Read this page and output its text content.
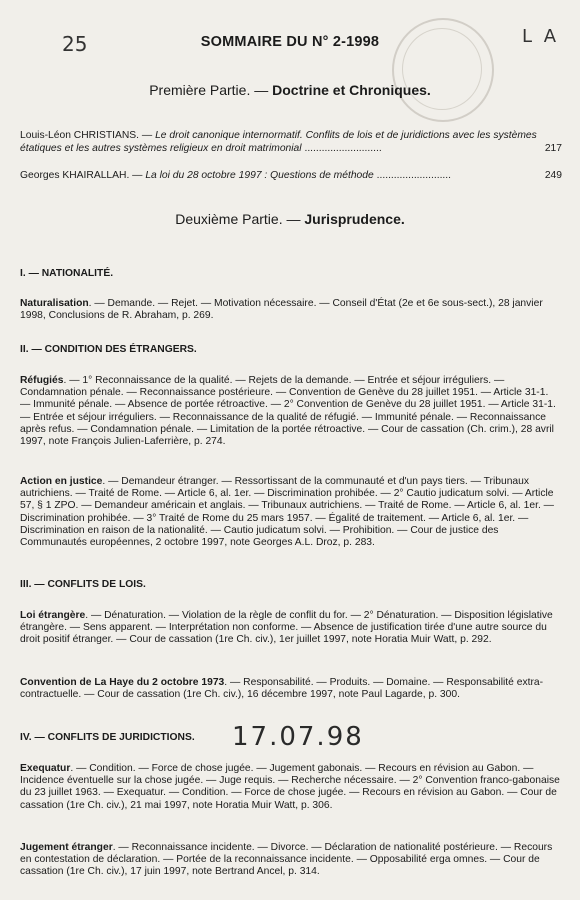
25	L A
SOMMAIRE DU N° 2-1998
Première Partie. — Doctrine et Chroniques.
Louis-Léon CHRISTIANS. — Le droit canonique internormatif. Conflits de lois et de juridictions avec les systèmes étatiques et les autres systèmes religieux en droit matrimonial ...........................	217
Georges KHAIRALLAH. — La loi du 28 octobre 1997 : Questions de méthode ..........................	249
Deuxième Partie. — Jurisprudence.
I. — NATIONALITÉ.
Naturalisation. — Demande. — Rejet. — Motivation nécessaire. — Conseil d'État (2e et 6e sous-sect.), 28 janvier 1998, Conclusions de R. Abraham, p. 269.
II. — CONDITION DES ÉTRANGERS.
Réfugiés. — 1° Reconnaissance de la qualité. — Rejets de la demande. — Entrée et séjour irréguliers. — Condamnation pénale. — Reconnaissance postérieure. — Convention de Genève du 28 juillet 1951. — Article 31-1. — Immunité pénale. — Absence de portée rétroactive. — 2° Convention de Genève du 28 juillet 1951. — Article 31-1. — Entrée et séjour irréguliers. — Reconnaissance de la qualité de réfugié. — Immunité pénale. — Reconnaissance après refus. — Condamnation pénale. — Limitation de la portée rétroactive. — Cour de cassation (Ch. crim.), 28 avril 1997, note François Julien-Laferrière, p. 274.
Action en justice. — Demandeur étranger. — Ressortissant de la communauté et d'un pays tiers. — Tribunaux autrichiens. — Traité de Rome. — Article 6, al. 1er. — Discrimination prohibée. — 2° Cautio judicatum solvi. — Article 57, § 1 ZPO. — Demandeur américain et anglais. — Tribunaux autrichiens. — Traité de Rome. — Article 6, al. 1er. — Discrimination prohibée. — 3° Traité de Rome du 25 mars 1957. — Égalité de traitement. — Article 6, al. 1er. — Discrimination en raison de la nationalité. — Cautio judicatum solvi. — Prohibition. — Cour de justice des Communautés européennes, 2 octobre 1997, note Georges A.L. Droz, p. 283.
III. — CONFLITS DE LOIS.
Loi étrangère. — Dénaturation. — Violation de la règle de conflit du for. — 2° Dénaturation. — Disposition législative étrangère. — Sens apparent. — Interprétation non conforme. — Absence de justification tirée d'une autre source du droit positif étranger. — Cour de cassation (1re Ch. civ.), 1er juillet 1997, note Horatia Muir Watt, p. 292.
Convention de La Haye du 2 octobre 1973. — Responsabilité. — Produits. — Domaine. — Responsabilité extra-contractuelle. — Cour de cassation (1re Ch. civ.), 16 décembre 1997, note Paul Lagarde, p. 300.
IV. — CONFLITS DE JURIDICTIONS. 17.07.98
Exequatur. — Condition. — Force de chose jugée. — Jugement gabonais. — Recours en révision au Gabon. — Incidence éventuelle sur la chose jugée. — Juge requis. — Recherche nécessaire. — 2° Convention franco-gabonaise du 23 juillet 1963. — Exequatur. — Condition. — Force de chose jugée. — Recours en révision au Gabon. — Cour de cassation (1re Ch. civ.), 21 mai 1997, note Horatia Muir Watt, p. 306.
Jugement étranger. — Reconnaissance incidente. — Divorce. — Déclaration de nationalité postérieure. — Recours en contestation de déclaration. — Portée de la reconnaissance incidente. — Opposabilité erga omnes. — Cour de cassation (1re Ch. civ.), 17 juin 1997, note Bertrand Ancel, p. 314.
